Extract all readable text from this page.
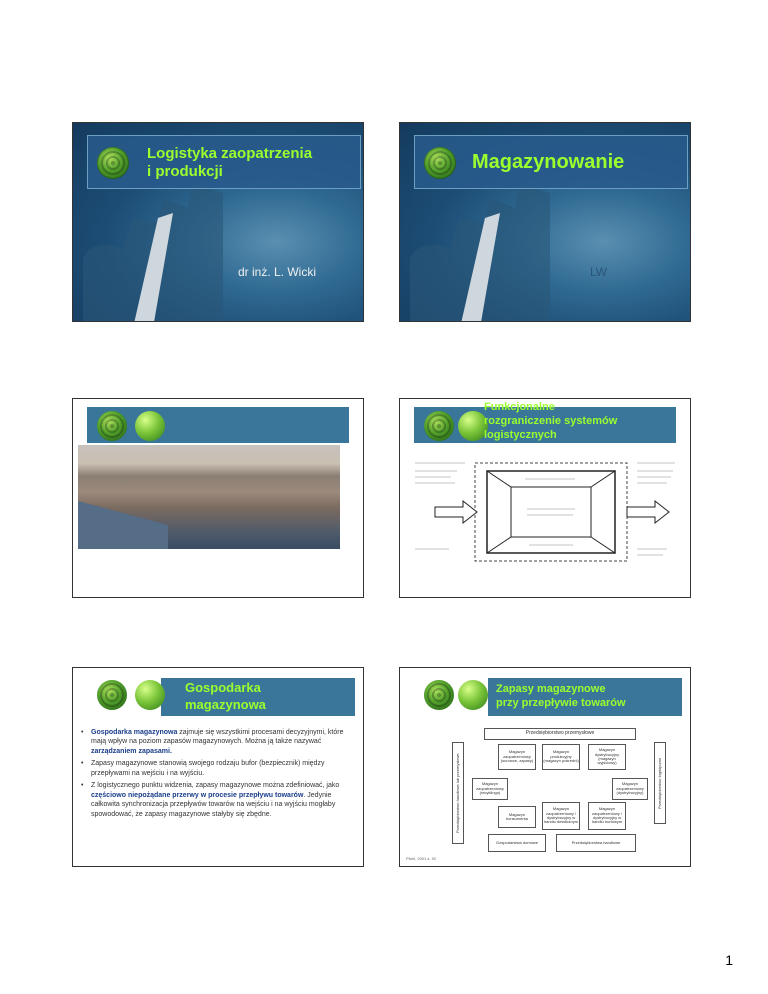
Logistyka zaopatrzenia
i produkcji
dr inż. L. Wicki
Magazynowanie
LW
Funkcjonalne
rozgraniczenie systemów
logistycznych
Gospodarka
magazynowa
• Gospodarka magazynowa zajmuje się wszystkimi procesami decyzyjnymi, które mają wpływ na poziom zapasów magazynowych. Można ją także nazywać zarządzaniem zapasami.
• Zapasy magazynowe stanowią swojego rodzaju bufor (bezpiecznik) między przepływami na wejściu i na wyjściu.
• Z logistycznego punktu widzenia, zapasy magazynowe można zdefiniować, jako częściowo niepożądane przerwy w procesie przepływu towarów. Jedynie całkowita synchronizacja przepływów towarów na wejściu i na wyjściu mogłaby spowodować, że zapasy magazynowe stałyby się zbędne.
Zapasy magazynowe
przy przepływie towarów
Przedsiębiorstwo przemysłowe
Przedsiębiorstwo handlowe lub przemysłowe	Przedsiębiorstwo logistyczne
Magazyn zaopatrzeniowy (surowce, zapasy)
Magazyn produkcyjny (magazyn pośredni)
Magazyn dystrybucyjny (magazyn wyjściowy)
Magazyn zaopatrzeniowy (recyklingu)
Magazyn zaopatrzeniowy (dystrybucyjny)
Magazyn konsumenta
Magazyn zaopatrzeniowy / dystrybucyjny w handlu detalicznym
Magazyn zaopatrzeniowy / dystrybucyjny w handlu hurtowym
Gospodarstwa domowe	Przedsiębiorstwa handlowe
Pfohl, 2001 s. 92
1
